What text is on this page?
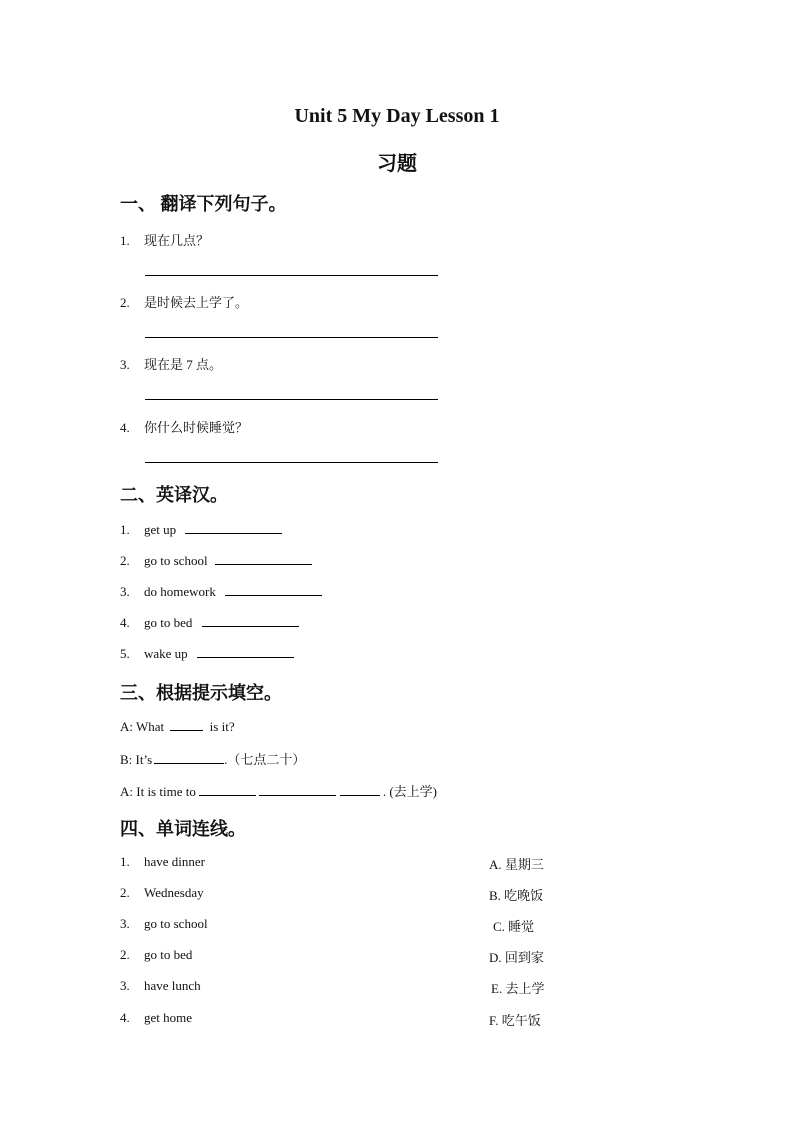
Unit 5 My Day Lesson 1
习题
一、 翻译下列句子。
1. 现在几点？
2. 是时候去上学了。
3. 现在是 7 点。
4. 你什么时候睡觉？
二、英译汉。
1. get up
2. go to school
3. do homework
4. go to bed
5. wake up
三、根据提示填空。
A: What	is it?
B: It’s	.（七点二十）
A: It is time to	. (去上学)
四、单词连线。
1. have dinner
2. Wednesday
3. go to school
2. go to bed
3. have lunch
4. get home
A. 星期三
B. 吃晚饭
C. 睡觉
D. 回到家
E. 去上学
F. 吃午饭
